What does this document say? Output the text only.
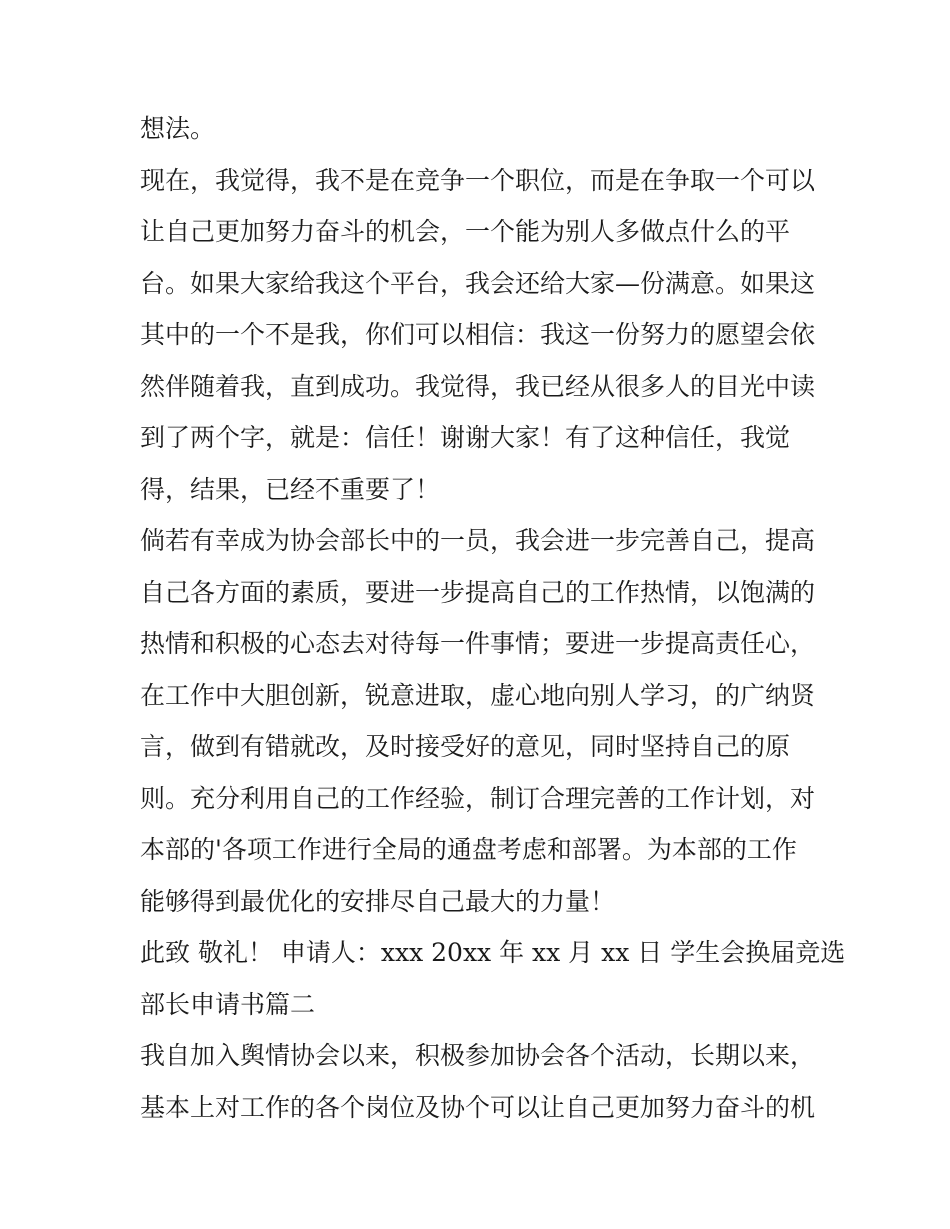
想法。
现在，我觉得，我不是在竞争一个职位，而是在争取一个可以
让自己更加努力奋斗的机会，一个能为别人多做点什么的平
台。如果大家给我这个平台，我会还给大家—份满意。如果这
其中的一个不是我，你们可以相信：我这一份努力的愿望会依
然伴随着我，直到成功。我觉得，我已经从很多人的目光中读
到了两个字，就是：信任！谢谢大家！有了这种信任，我觉
得，结果，已经不重要了！
倘若有幸成为协会部长中的一员，我会进一步完善自己，提高
自己各方面的素质，要进一步提高自己的工作热情，以饱满的
热情和积极的心态去对待每一件事情；要进一步提高责任心，
在工作中大胆创新，锐意进取，虚心地向别人学习，的广纳贤
言，做到有错就改，及时接受好的意见，同时坚持自己的原
则。充分利用自己的工作经验，制订合理完善的工作计划，对
本部的'各项工作进行全局的通盘考虑和部署。为本部的工作
能够得到最优化的安排尽自己最大的力量！
此致 敬礼！ 申请人：xxx 20xx 年 xx 月 xx 日 学生会换届竞选
部长申请书篇二
我自加入舆情协会以来，积极参加协会各个活动，长期以来，
基本上对工作的各个岗位及协个可以让自己更加努力奋斗的机
